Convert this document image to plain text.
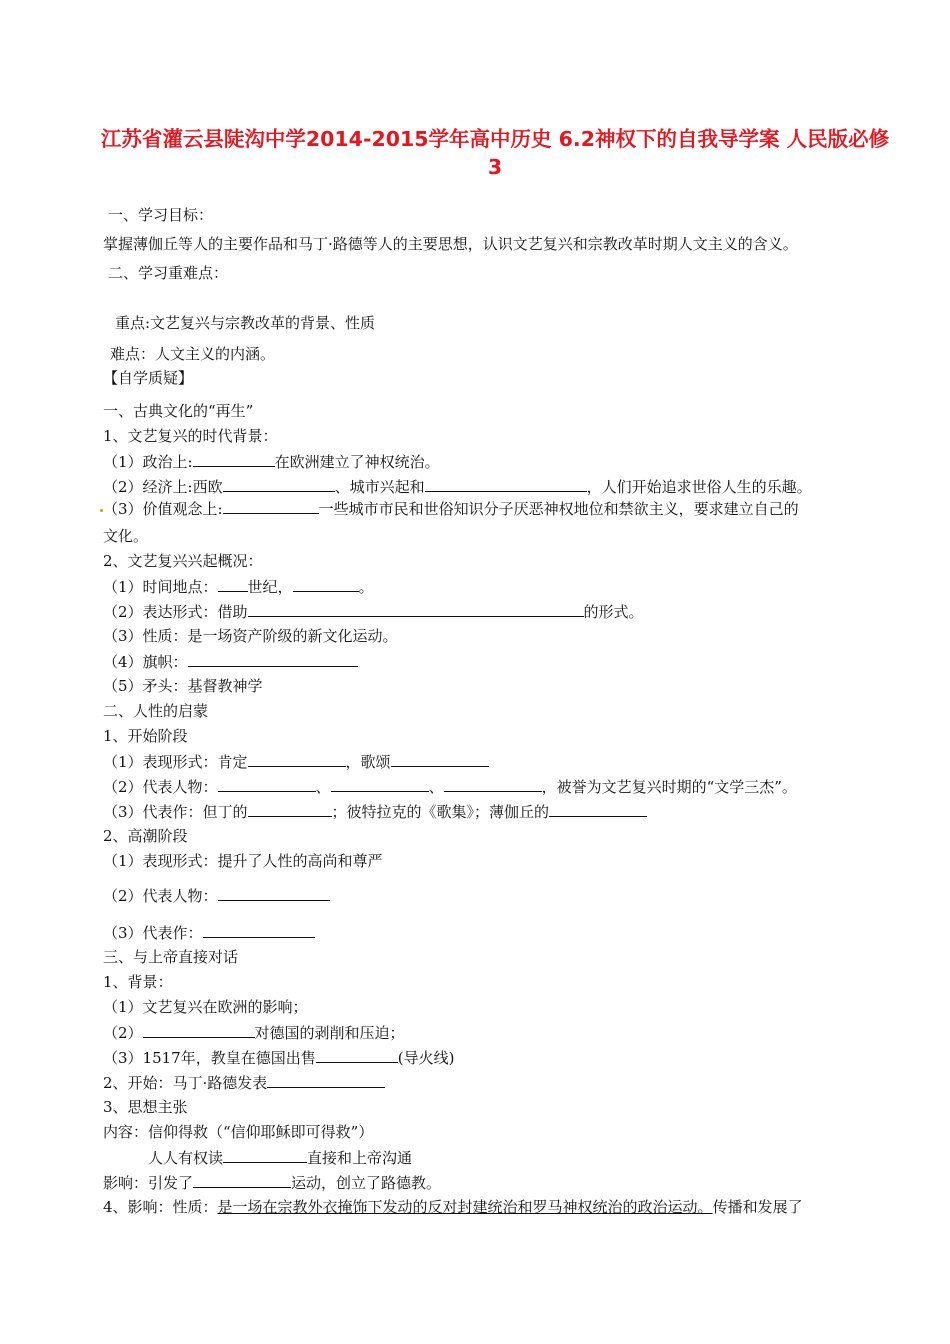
江苏省灌云县陡沟中学2014-2015学年高中历史 6.2神权下的自我导学案 人民版必修3
一、学习目标：
掌握薄伽丘等人的主要作品和马丁·路德等人的主要思想，认识文艺复兴和宗教改革时期人文主义的含义。
二、学习重难点：
重点:文艺复兴与宗教改革的背景、性质
难点：人文主义的内涵。
【自学质疑】
一、古典文化的“再生”
1、文艺复兴的时代背景：
（1）政治上:	在欧洲建立了神权统治。
（2）经济上:西欧	、城市兴起和	，人们开始追求世俗人生的乐趣。
（3）价值观念上:	一些城市市民和世俗知识分子厌恶神权地位和禁欲主义，要求建立自己的
文化。
2、文艺复兴兴起概况：
（1）时间地点： 世纪，	。
（2）表达形式：借助	的形式。
（3）性质：是一场资产阶级的新文化运动。
（4）旗帜：
（5）矛头：基督教神学
二、人性的启蒙
1、开始阶段
（1）表现形式：肯定	，歌颂
（2）代表人物：	、	、	，被誉为文艺复兴时期的“文学三杰”。
（3）代表作：但丁的	；彼特拉克的《歌集》；薄伽丘的
2、高潮阶段
（1）表现形式：提升了人性的高尚和尊严
（2）代表人物：
（3）代表作：
三、与上帝直接对话
1、背景：
（1）文艺复兴在欧洲的影响；
（2）	对德国的剥削和压迫；
（3）1517年，教皇在德国出售	(导火线)
2、开始：马丁·路德发表
3、思想主张
内容：信仰得救（“信仰耶稣即可得救”）
人人有权读	直接和上帝沟通
影响：引发了	运动，创立了路德教。
4、影响：性质：是一场在宗教外衣掩饰下发动的反对封建统治和罗马神权统治的政治运动。传播和发展了
